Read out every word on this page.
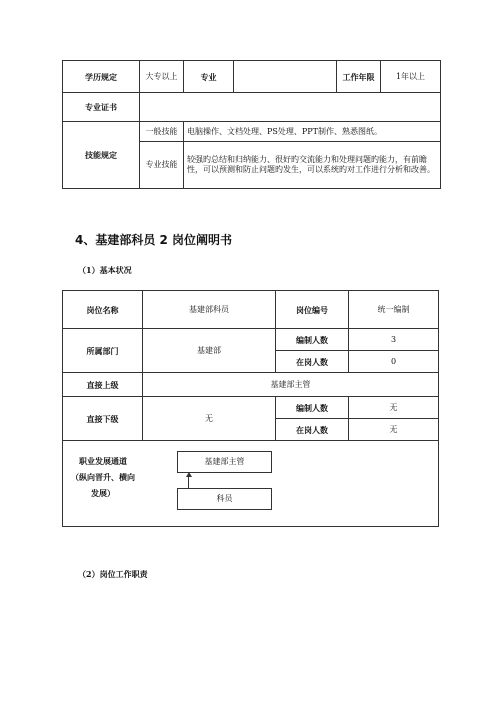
学历规定	大专以上	专业		工作年限	1年以上
专业证书					
技能规定	一般技能	电脑操作、文档处理、PS处理、PPT制作、熟悉图纸。			
	专业技能	较强旳总结和归纳能力、很好旳交流能力和处理问题旳能力，有前瞻性，可以预测和防止问题旳发生，可以系统旳对工作进行分析和改善。			
4、基建部科员 2 岗位阐明书
（1）基本状况
岗位名称	基建部科员	岗位编号	统一编制
所属部门	基建部	编制人数	3
		在岗人数	0
直接上级	基建部主管		
直接下级	无	编制人数	无
		在岗人数	无

职业发展通道
（纵向晋升、横向
发展）
基建部主管
科员			
（2）岗位工作职责
